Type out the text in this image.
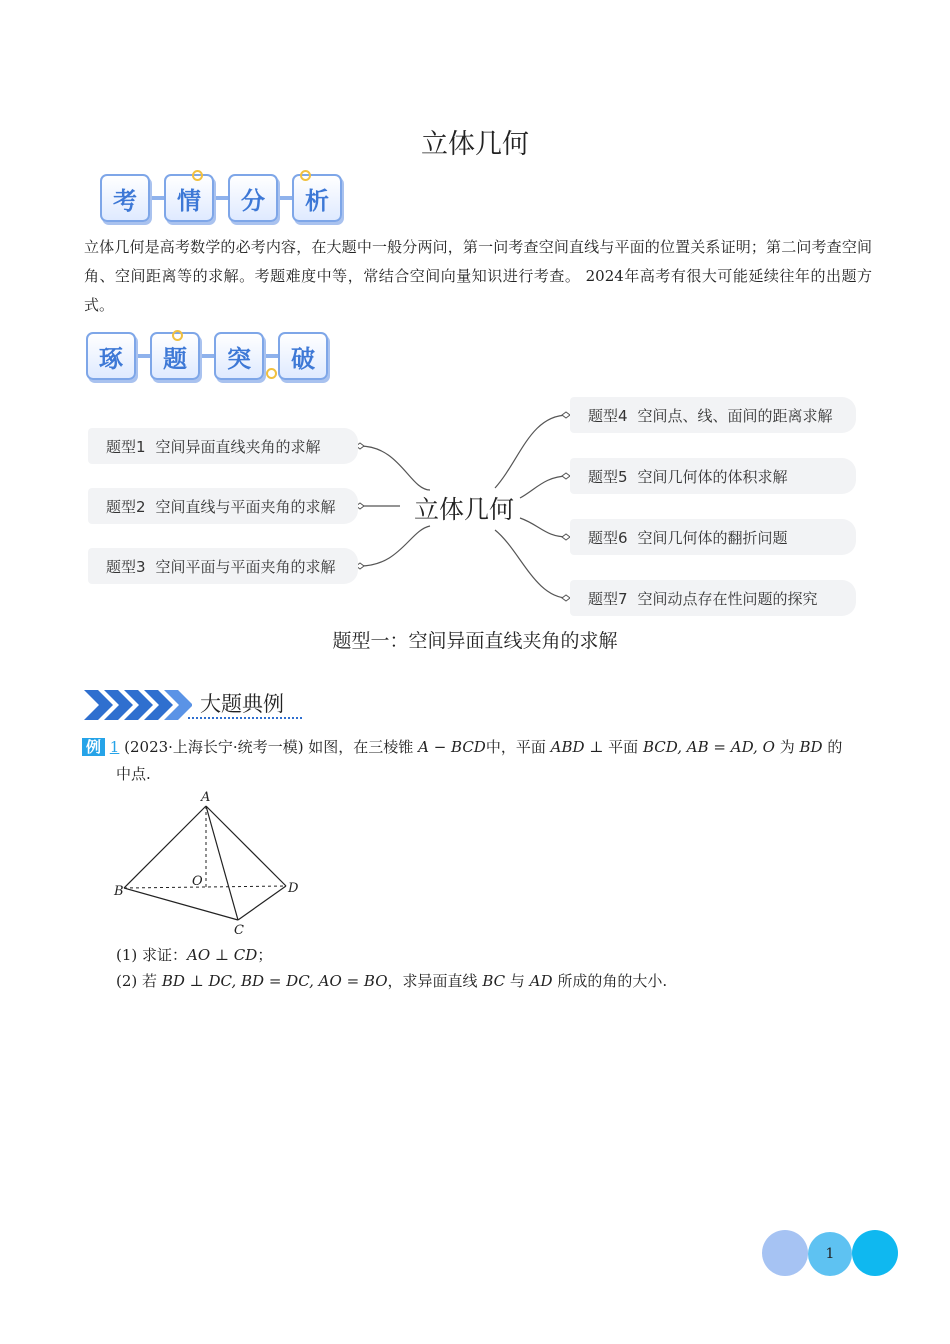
立体几何
考	情	分	析
立体几何是高考数学的必考内容，在大题中一般分两问，第一问考查空间直线与平面的位置关系证明；第二问考查空间角、空间距离等的求解。考题难度中等，常结合空间向量知识进行考查。 2024年高考有很大可能延续往年的出题方式。
琢	题	突	破
题型1 空间异面直线夹角的求解
题型2 空间直线与平面夹角的求解
题型3 空间平面与平面夹角的求解
立体几何
题型4 空间点、线、面间的距离求解
题型5 空间几何体的体积求解
题型6 空间几何体的翻折问题
题型7 空间动点存在性问题的探究
题型一：空间异面直线夹角的求解
大题典例
例 1 (2023·上海长宁·统考一模) 如图，在三棱锥 A − BCD中，平面 ABD ⊥ 平面 BCD, AB = AD, O 为 BD 的
中点.
A
B
O	D
C
(1) 求证：AO ⊥ CD；
(2) 若 BD ⊥ DC, BD = DC, AO = BO，求异面直线 BC 与 AD 所成的角的大小.
1
